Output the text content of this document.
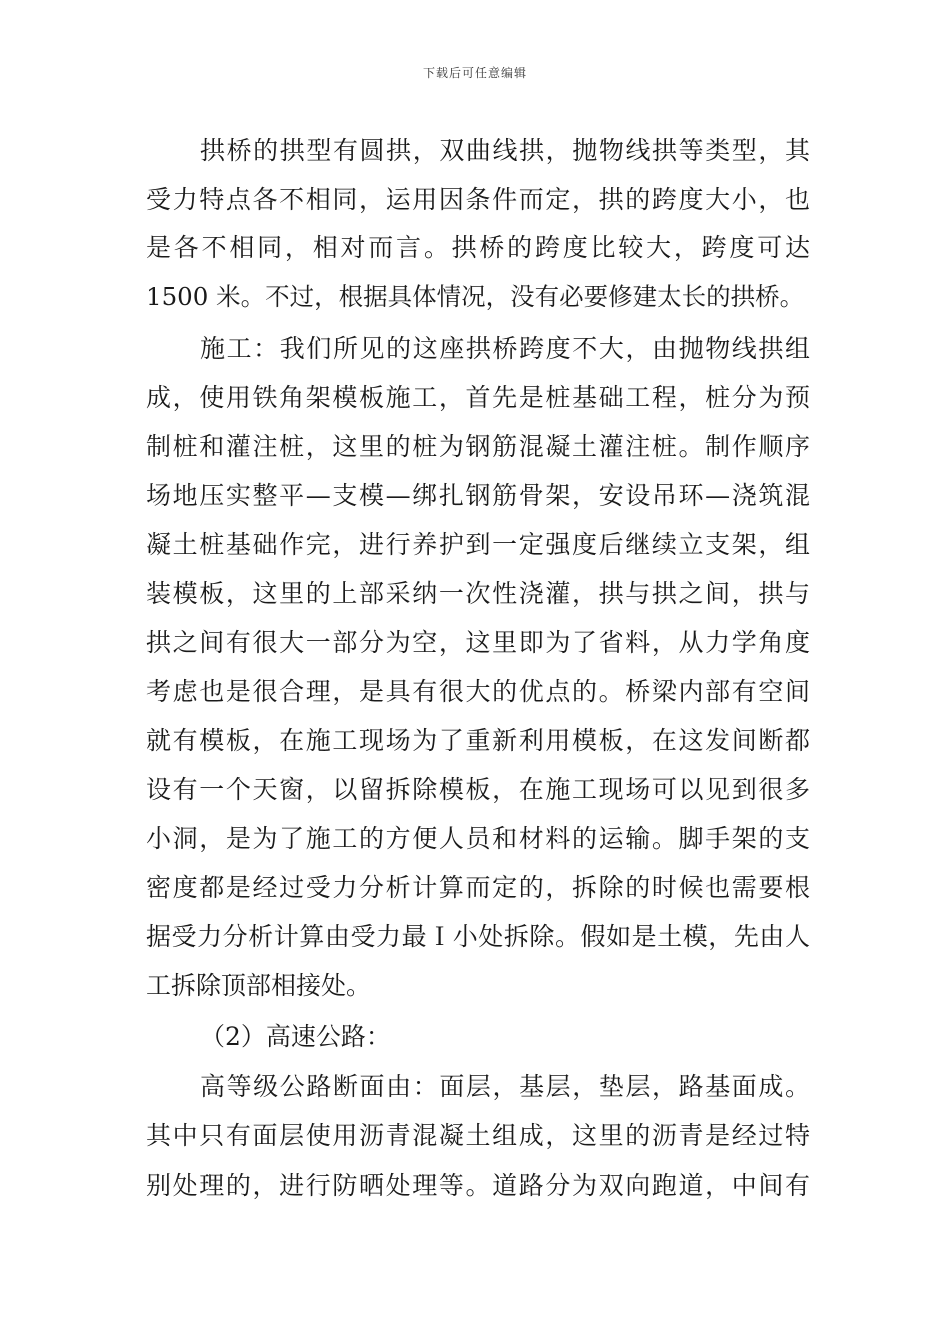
下载后可任意编辑
拱桥的拱型有圆拱，双曲线拱，抛物线拱等类型，其
受力特点各不相同，运用因条件而定，拱的跨度大小，也
是各不相同，相对而言。拱桥的跨度比较大，跨度可达
1500 米。不过，根据具体情况，没有必要修建太长的拱桥。
施工：我们所见的这座拱桥跨度不大，由抛物线拱组
成，使用铁角架模板施工，首先是桩基础工程，桩分为预
制桩和灌注桩，这里的桩为钢筋混凝土灌注桩。制作顺序
场地压实整平—支模—绑扎钢筋骨架，安设吊环—浇筑混
凝土桩基础作完，进行养护到一定强度后继续立支架，组
装模板，这里的上部采纳一次性浇灌，拱与拱之间，拱与
拱之间有很大一部分为空，这里即为了省料，从力学角度
考虑也是很合理，是具有很大的优点的。桥梁内部有空间
就有模板，在施工现场为了重新利用模板，在这发间断都
设有一个天窗，以留拆除模板，在施工现场可以见到很多
小洞，是为了施工的方便人员和材料的运输。脚手架的支
密度都是经过受力分析计算而定的，拆除的时候也需要根
据受力分析计算由受力最Ｉ小处拆除。假如是土模，先由人
工拆除顶部相接处。
（2）高速公路：
高等级公路断面由：面层，基层，垫层，路基面成。
其中只有面层使用沥青混凝土组成，这里的沥青是经过特
别处理的，进行防晒处理等。道路分为双向跑道，中间有
